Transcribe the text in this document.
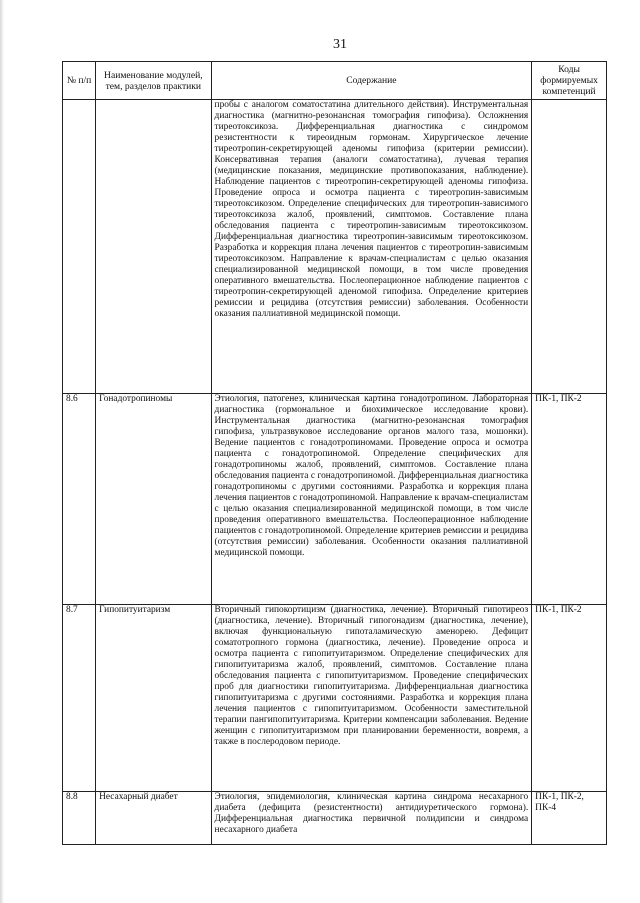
31
№ п/п	Наименование модулей, тем, разделов практики	Содержание	Коды формируемых компетенций
		пробы с аналогом соматостатина длительного действия). Инструментальная диагностика (магнитно-резонансная томография гипофиза). Осложнения тиреотоксикоза. Дифференциальная диагностика с синдромом резистентности к тиреоидным гормонам. Хирургическое лечение тиреотропин-секретирующей аденомы гипофиза (критерии ремиссии). Консервативная терапия (аналоги соматостатина), лучевая терапия (медицинские показания, медицинские противопоказания, наблюдение). Наблюдение пациентов с тиреотропин-секретирующей аденомы гипофиза. Проведение опроса и осмотра пациента с тиреотропин-зависимым тиреотоксикозом. Определение специфических для тиреотропин-зависимого тиреотоксикоза жалоб, проявлений, симптомов. Составление плана обследования пациента с тиреотропин-зависимым тиреотоксикозом. Дифференциальная диагностика тиреотропин-зависимым тиреотоксикозом. Разработка и коррекция плана лечения пациентов с тиреотропин-зависимым тиреотоксикозом. Направление к врачам-специалистам с целью оказания специализированной медицинской помощи, в том числе проведения оперативного вмешательства. Послеоперационное наблюдение пациентов с тиреотропин-секретирующей аденомой гипофиза. Определение критериев ремиссии и рецидива (отсутствия ремиссии) заболевания. Особенности оказания паллиативной медицинской помощи.	
8.6	Гонадотропиномы	Этиология, патогенез, клиническая картина гонадотропином. Лабораторная диагностика (гормональное и биохимическое исследование крови). Инструментальная диагностика (магнитно-резонансная томография гипофиза, ультразвуковое исследование органов малого таза, мошонки). Ведение пациентов с гонадотропиномами. Проведение опроса и осмотра пациента с гонадотропиномой. Определение специфических для гонадотропиномы жалоб, проявлений, симптомов. Составление плана обследования пациента с гонадотропиномой. Дифференциальная диагностика гонадотропиномы с другими состояниями. Разработка и коррекция плана лечения пациентов с гонадотропиномой. Направление к врачам-специалистам с целью оказания специализированной медицинской помощи, в том числе проведения оперативного вмешательства. Послеоперационное наблюдение пациентов с гонадотропиномой. Определение критериев ремиссии и рецидива (отсутствия ремиссии) заболевания. Особенности оказания паллиативной медицинской помощи.	ПК-1, ПК-2
8.7	Гипопитуитаризм	Вторичный гипокортицизм (диагностика, лечение). Вторичный гипотиреоз (диагностика, лечение). Вторичный гипогонадизм (диагностика, лечение), включая функциональную гипоталамическую аменорею. Дефицит соматотропного гормона (диагностика, лечение). Проведение опроса и осмотра пациента с гипопитуитаризмом. Определение специфических для гипопитуитаризма жалоб, проявлений, симптомов. Составление плана обследования пациента с гипопитуитаризмом. Проведение специфических проб для диагностики гипопитуитаризма. Дифференциальная диагностика гипопитуитаризма с другими состояниями. Разработка и коррекция плана лечения пациентов с гипопитуитаризмом. Особенности заместительной терапии пангипопитуитаризма. Критерии компенсации заболевания. Ведение женщин с гипопитуитаризмом при планировании беременности, вовремя, а также в послеродовом периоде.	ПК-1, ПК-2
8.8	Несахарный диабет	Этиология, эпидемиология, клиническая картина синдрома несахарного диабета (дефицита (резистентности) антидиуретического гормона). Дифференциальная диагностика первичной полидипсии и синдрома несахарного диабета	ПК-1, ПК-2, ПК-4
